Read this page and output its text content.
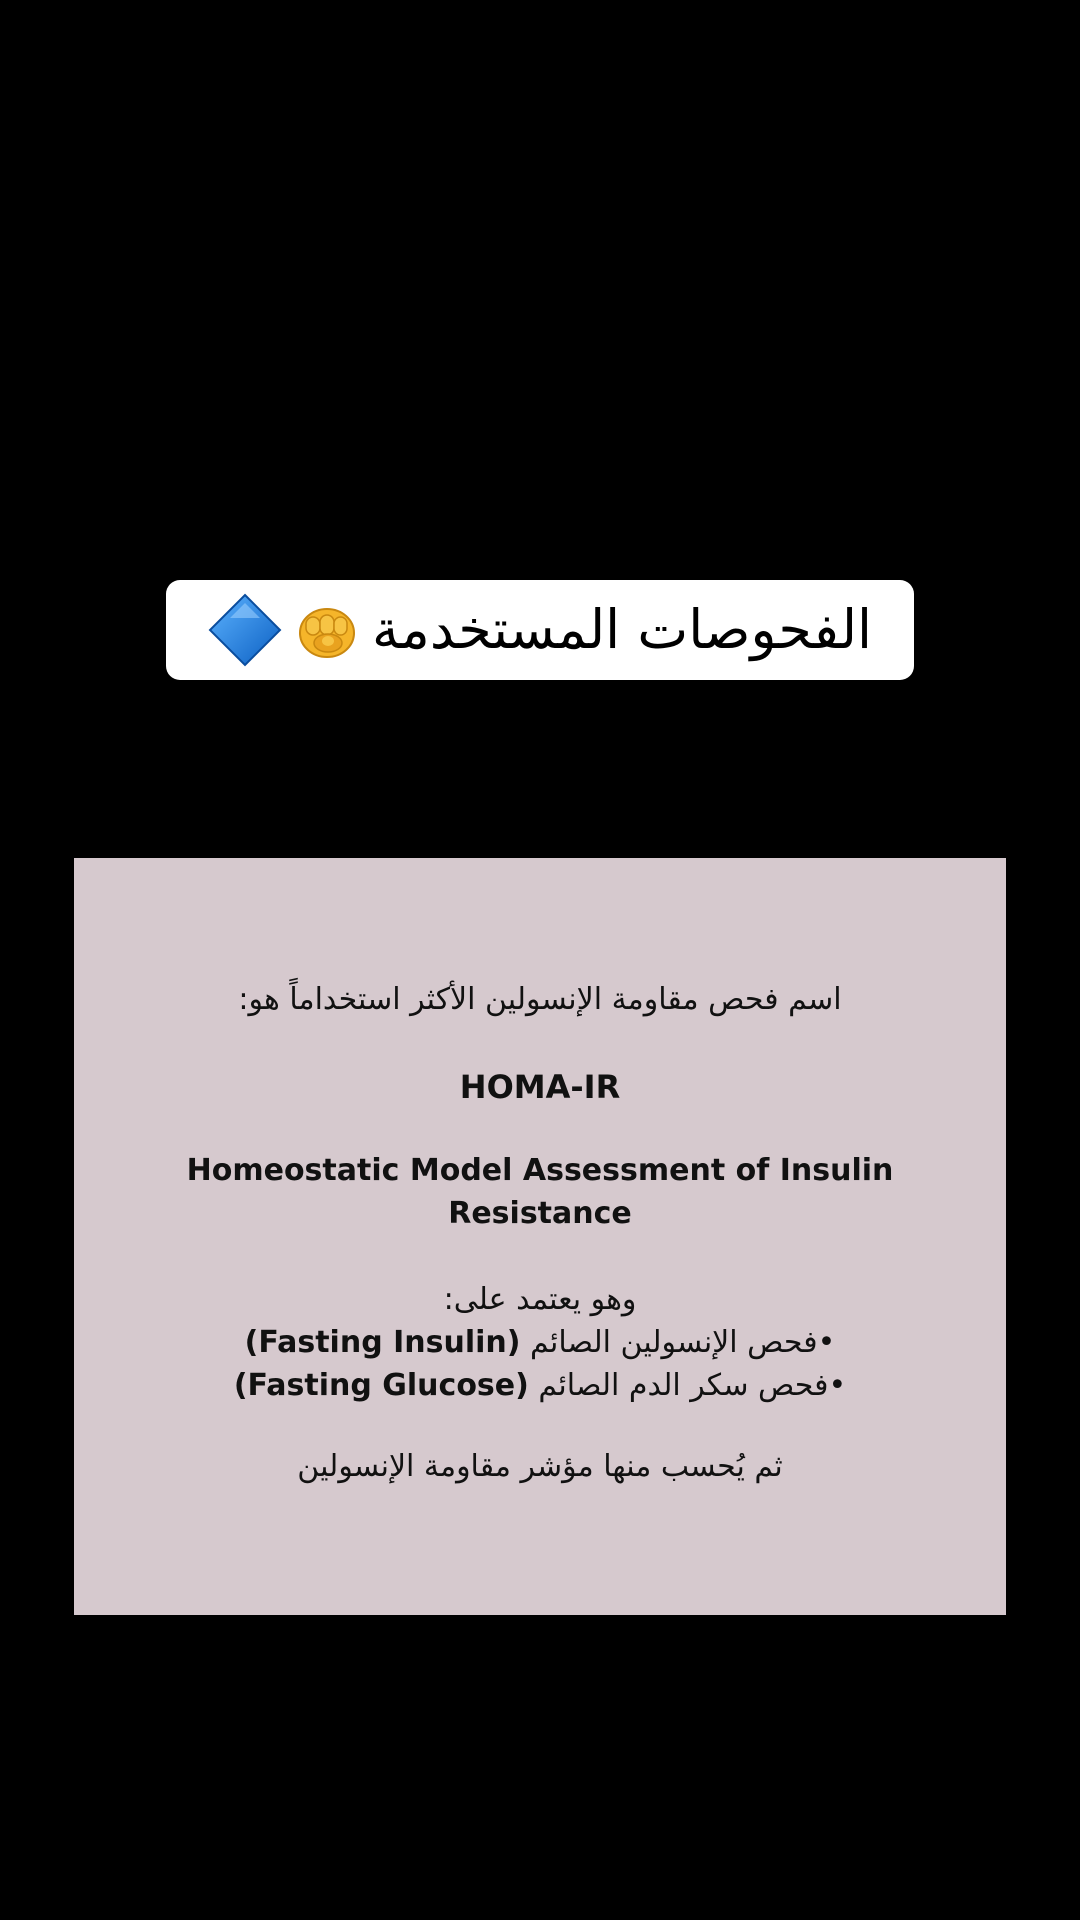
الفحوصات المستخدمة
اسم فحص مقاومة الإنسولين الأكثر استخداماً هو:
HOMA-IR
Homeostatic Model Assessment of Insulin
Resistance
وهو يعتمد على:
•فحص الإنسولين الصائم (Fasting Insulin)
•فحص سكر الدم الصائم (Fasting Glucose)
ثم يُحسب منها مؤشر مقاومة الإنسولين
